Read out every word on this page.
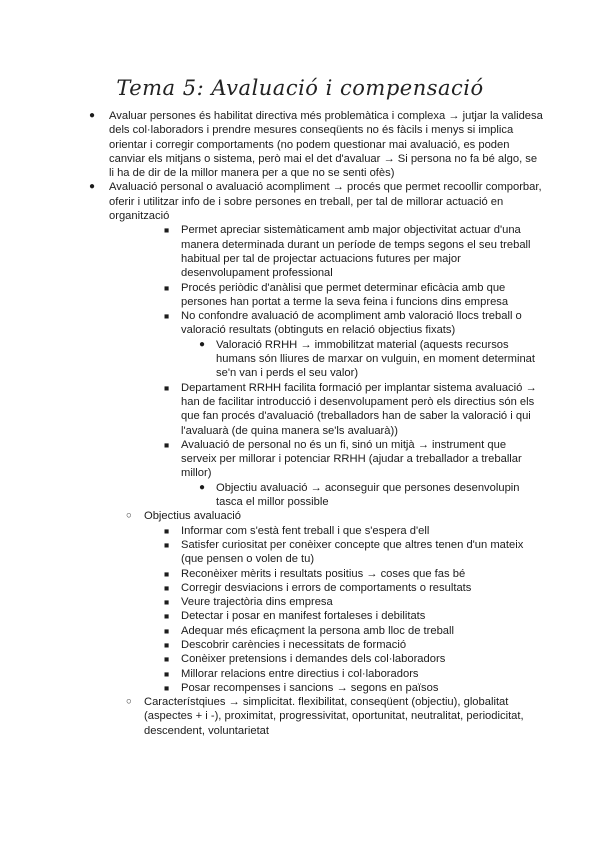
Tema 5: Avaluació i compensació
● Avaluar persones és habilitat directiva més problemàtica i complexa → jutjar la validesa dels col·laboradors i prendre mesures conseqüents no és fàcils i menys si implica orientar i corregir comportaments (no podem questionar mai avaluació, es poden canviar els mitjans o sistema, però mai el det d'avaluar → Si persona no fa bé algo, se li ha de dir de la millor manera per a que no se senti ofès)
● Avaluació personal o avaluació acompliment → procés que permet recoollir comporbar, oferir i utilitzar info de i sobre persones en treball, per tal de millorar actuació en organització
■ Permet apreciar sistemàticament amb major objectivitat actuar d'una manera determinada durant un període de temps segons el seu treball habitual per tal de projectar actuacions futures per major desenvolupament professional
■ Procés periòdic d'anàlisi que permet determinar eficàcia amb que persones han portat a terme la seva feina i funcions dins empresa
■ No confondre avaluació de acompliment amb valoració llocs treball o valoració resultats (obtinguts en relació objectius fixats)
● Valoració RRHH → immobilitzat material (aquests recursos humans són lliures de marxar on vulguin, en moment determinat se'n van i perds el seu valor)
■ Departament RRHH facilita formació per implantar sistema avaluació → han de facilitar introducció i desenvolupament però els directius són els que fan procés d'avaluació (treballadors han de saber la valoració i qui l'avaluarà (de quina manera se'ls avaluarà))
■ Avaluació de personal no és un fi, sinó un mitjà → instrument que serveix per millorar i potenciar RRHH (ajudar a treballador a treballar millor)
● Objectiu avaluació → aconseguir que persones desenvolupin tasca el millor possible
○ Objectius avaluació
■ Informar com s'està fent treball i que s'espera d'ell
■ Satisfer curiositat per conèixer concepte que altres tenen d'un mateix (que pensen o volen de tu)
■ Reconèixer mèrits i resultats positius → coses que fas bé
■ Corregir desviacions i errors de comportaments o resultats
■ Veure trajectòria dins empresa
■ Detectar i posar en manifest fortaleses i debilitats
■ Adequar més eficaçment la persona amb lloc de treball
■ Descobrir carències i necessitats de formació
■ Conèixer pretensions i demandes dels col·laboradors
■ Millorar relacions entre directius i col·laboradors
■ Posar recompenses i sancions → segons en països
○ Característqiues → simplicitat. flexibilitat, conseqüent (objectiu), globalitat (aspectes + i -), proximitat, progressivitat, oportunitat, neutralitat, periodicitat, descendent, voluntarietat
